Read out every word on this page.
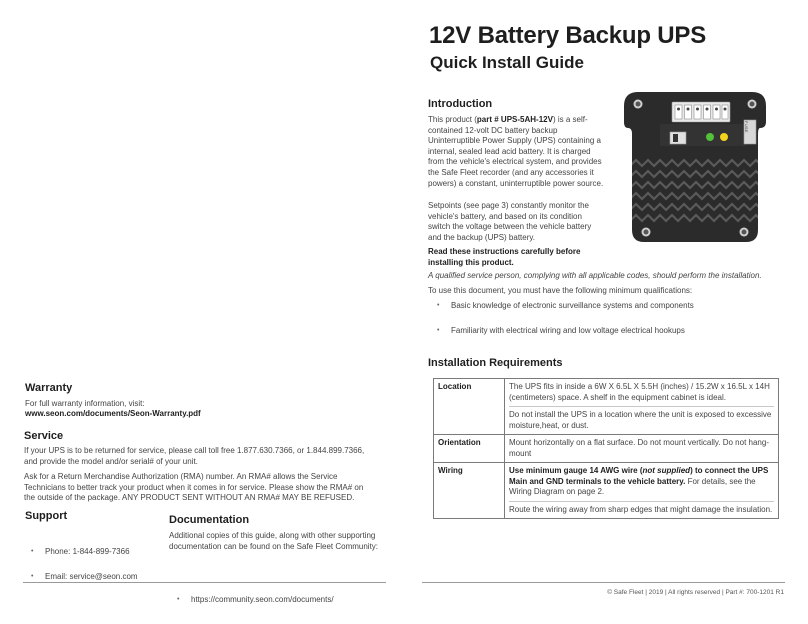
12V Battery Backup UPS
Quick Install Guide
Introduction
This product (part # UPS-5AH-12V) is a self-contained 12-volt DC battery backup Uninterruptible Power Supply (UPS) containing a internal, sealed lead acid battery. It is charged from the vehicle's electrical system, and provides the Safe Fleet recorder (and any accessories it powers) a constant, uninterruptible power source.
Setpoints (see page 3) constantly monitor the vehicle's battery, and based on its condition switch the voltage between the vehicle battery and the backup (UPS) battery.
Read these instructions carefully before installing this product.
A qualified service person, complying with all applicable codes, should perform the installation.
To use this document, you must have the following minimum qualifications:
• Basic knowledge of electronic surveillance systems and components
• Familiarity with electrical wiring and low voltage electrical hookups
FUSE
Installation Requirements
Location	The UPS fits in inside a 6W X 6.5L X 5.5H (inches) / 15.2W x 16.5L x 14H (centimeters) space. A shelf in the equipment cabinet is ideal.
Do not install the UPS in a location where the unit is exposed to excessive moisture,heat, or dust.

Orientation	Mount horizontally on a flat surface. Do not mount vertically. Do not hang-mount

Wiring	Use minimum gauge 14 AWG wire (not supplied) to connect the UPS Main and GND terminals to the vehicle battery. For details, see the Wiring Diagram on page 2.
Route the wiring away from sharp edges that might damage the insulation.
Warranty
For full warranty information, visit:
www.seon.com/documents/Seon-Warranty.pdf
Service
If your UPS is to be returned for service, please call toll free 1.877.630.7366, or 1.844.899.7366, and provide the model and/or serial# of your unit.
Ask for a Return Merchandise Authorization (RMA) number. An RMA# allows the Service Technicians to better track your product when it comes in for service. Please show the RMA# on the outside of the package. ANY PRODUCT SENT WITHOUT AN RMA# MAY BE REFUSED.
Support
• Phone: 1-844-899-7366
• Email: service@seon.com
Documentation
Additional copies of this guide, along with other supporting documentation can be found on the Safe Fleet Community:
• https://community.seon.com/documents/
© Safe Fleet | 2019 | All rights reserved | Part #: 700-1201 R1
